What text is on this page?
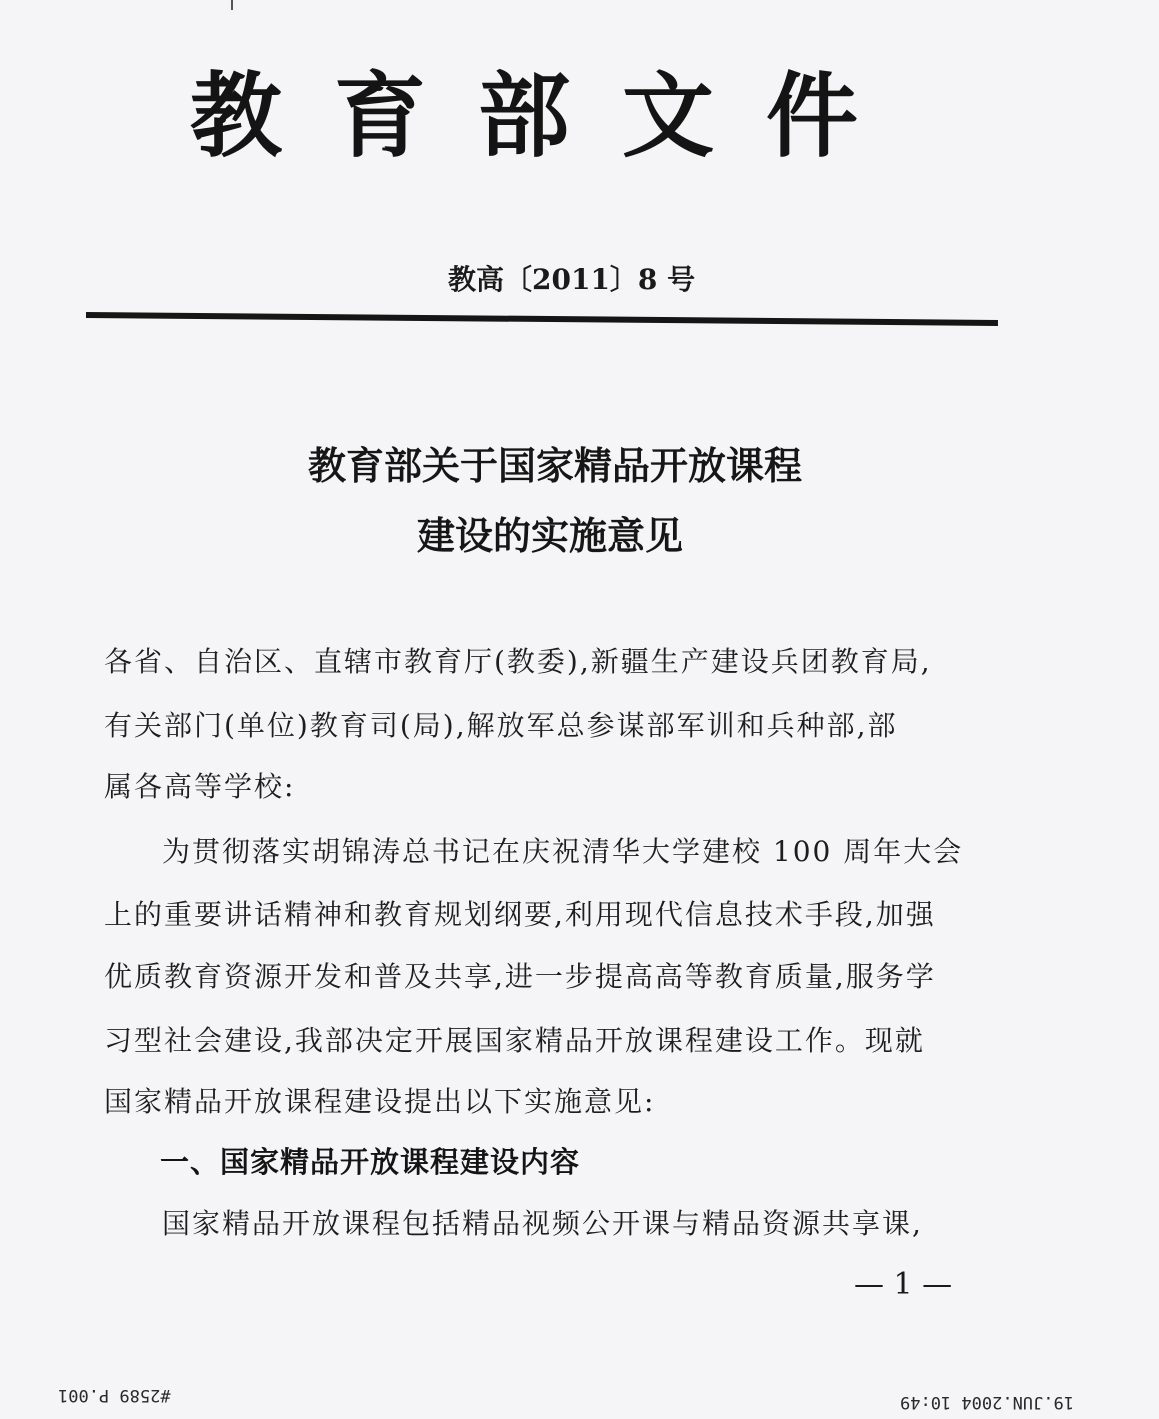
教育部文件
教高〔2011〕8 号
教育部关于国家精品开放课程
建设的实施意见
各省、自治区、直辖市教育厅(教委),新疆生产建设兵团教育局,
有关部门(单位)教育司(局),解放军总参谋部军训和兵种部,部
属各高等学校:
为贯彻落实胡锦涛总书记在庆祝清华大学建校 100 周年大会
上的重要讲话精神和教育规划纲要,利用现代信息技术手段,加强
优质教育资源开发和普及共享,进一步提高高等教育质量,服务学
习型社会建设,我部决定开展国家精品开放课程建设工作。现就
国家精品开放课程建设提出以下实施意见:
一、国家精品开放课程建设内容
国家精品开放课程包括精品视频公开课与精品资源共享课,
— 1 —
#2589 P.001	19.JUN.2004 10:49
